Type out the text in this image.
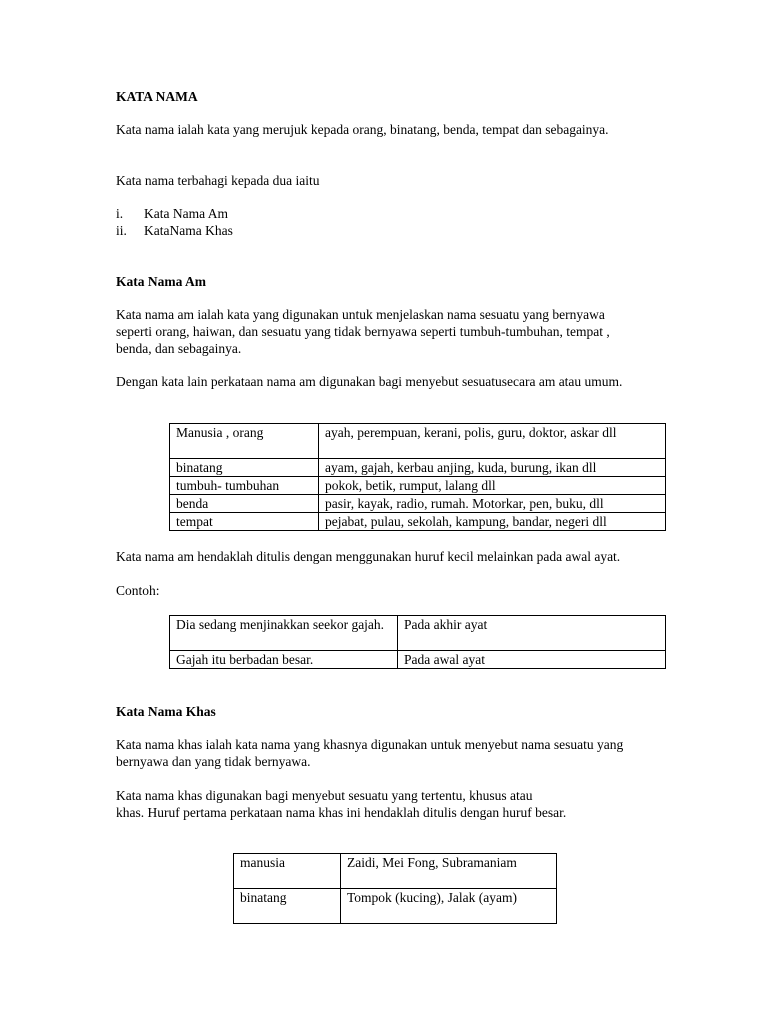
KATA NAMA

Kata nama ialah kata yang merujuk kepada orang, binatang, benda, tempat dan sebagainya.

Kata nama terbahagi kepada dua iaitu
i. Kata Nama Am
ii. KataNama Khas
Kata Nama Am

Kata nama am ialah kata yang digunakan untuk menjelaskan nama sesuatu yang bernyawa seperti orang, haiwan, dan sesuatu yang tidak bernyawa seperti tumbuh-tumbuhan, tempat , benda, dan sebagainya.

Dengan kata lain perkataan nama am digunakan bagi menyebut sesuatusecara am atau umum.

Manusia , orang	ayah, perempuan, kerani, polis, guru, doktor, askar dll
binatang	ayam, gajah, kerbau anjing, kuda, burung, ikan dll
tumbuh- tumbuhan	pokok, betik, rumput, lalang dll
benda	pasir, kayak, radio, rumah. Motorkar, pen, buku, dll
tempat	pejabat, pulau, sekolah, kampung, bandar, negeri dll

Kata nama am hendaklah ditulis dengan menggunakan huruf kecil melainkan pada awal ayat.

Contoh:
Dia sedang menjinakkan seekor gajah.	Pada akhir ayat
Gajah itu berbadan besar.	Pada awal ayat
Kata Nama Khas

Kata nama khas ialah kata nama yang khasnya digunakan untuk menyebut nama sesuatu yang bernyawa dan yang tidak bernyawa.

Kata nama khas digunakan bagi menyebut sesuatu yang tertentu, khusus atau
khas. Huruf pertama perkataan nama khas ini hendaklah ditulis dengan huruf besar.
manusia	Zaidi, Mei Fong, Subramaniam
binatang	Tompok (kucing), Jalak (ayam)
